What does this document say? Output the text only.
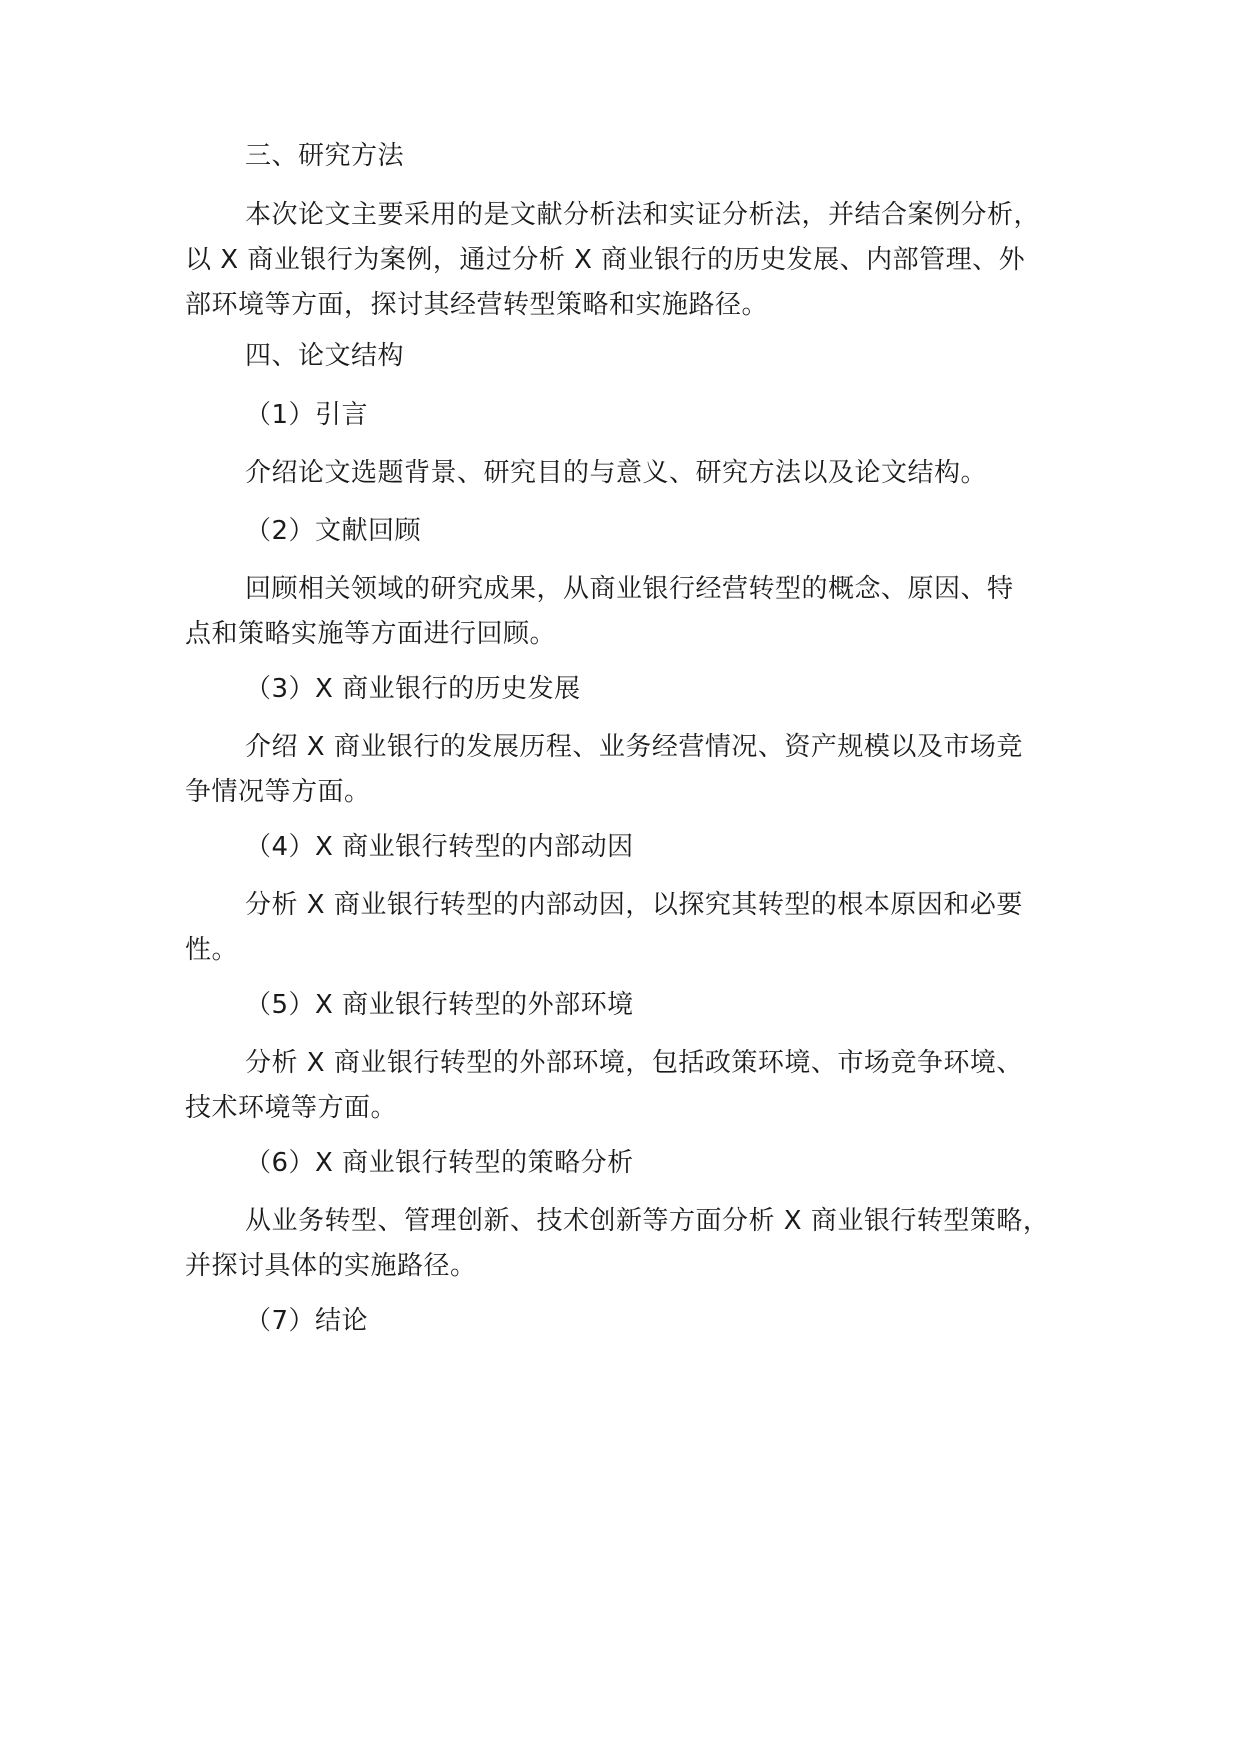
三、研究方法

本次论文主要采用的是文献分析法和实证分析法，并结合案例分析，
以 X 商业银行为案例，通过分析 X 商业银行的历史发展、内部管理、外
部环境等方面，探讨其经营转型策略和实施路径。

四、论文结构

（1）引言

介绍论文选题背景、研究目的与意义、研究方法以及论文结构。

（2）文献回顾

回顾相关领域的研究成果，从商业银行经营转型的概念、原因、特
点和策略实施等方面进行回顾。

（3）X 商业银行的历史发展

介绍 X 商业银行的发展历程、业务经营情况、资产规模以及市场竞
争情况等方面。

（4）X 商业银行转型的内部动因

分析 X 商业银行转型的内部动因，以探究其转型的根本原因和必要
性。

（5）X 商业银行转型的外部环境

分析 X 商业银行转型的外部环境，包括政策环境、市场竞争环境、
技术环境等方面。

（6）X 商业银行转型的策略分析

从业务转型、管理创新、技术创新等方面分析 X 商业银行转型策略，
并探讨具体的实施路径。

（7）结论
